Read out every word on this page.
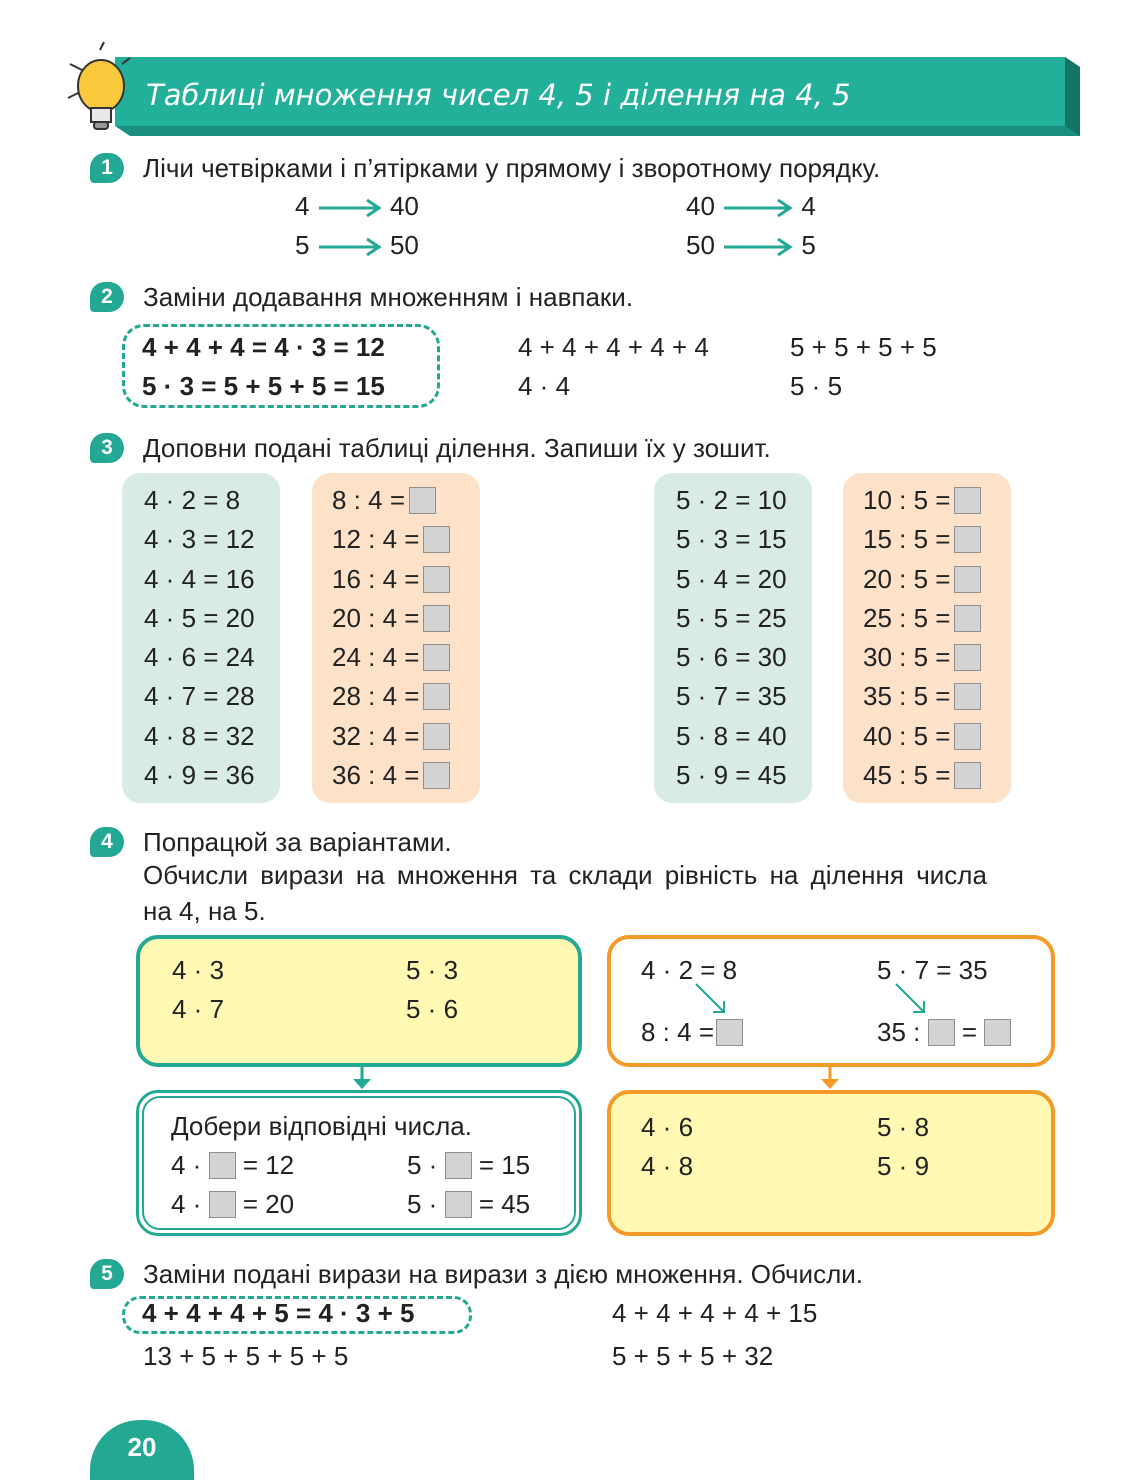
Таблиці множення чисел 4, 5 і ділення на 4, 5
1	Лічи четвірками і п’ятірками у прямому і зворотному порядку.
4	40
5	50
40	4
50	5
2	Заміни додавання множенням і навпаки.
4 + 4 + 4 = 4 · 3 = 12
5 · 3 = 5 + 5 + 5 = 15
4 + 4 + 4 + 4 + 4
4 · 4
5 + 5 + 5 + 5
5 · 5
3	Доповни подані таблиці ділення. Запиши їх у зошит.
4 · 2 = 8
4 · 3 = 12
4 · 4 = 16
4 · 5 = 20
4 · 6 = 24
4 · 7 = 28
4 · 8 = 32
4 · 9 = 36
8 : 4 =
12 : 4 =
16 : 4 =
20 : 4 =
24 : 4 =
28 : 4 =
32 : 4 =
36 : 4 =
5 · 2 = 10
5 · 3 = 15
5 · 4 = 20
5 · 5 = 25
5 · 6 = 30
5 · 7 = 35
5 · 8 = 40
5 · 9 = 45
10 : 5 =
15 : 5 =
20 : 5 =
25 : 5 =
30 : 5 =
35 : 5 =
40 : 5 =
45 : 5 =
4	Попрацюй за варіантами.
Обчисли вирази на множення та склади рівність на ділення числа
на 4, на 5.
4 · 3	5 · 3
4 · 7	5 · 6
Добери відповідні числа.
4 · = 12	5 · = 15
4 · = 20	5 · = 45
4 · 2 = 8	5 · 7 = 35
8 : 4 =	35 : =
4 · 6	5 · 8
4 · 8	5 · 9
5	Заміни подані вирази на вирази з дією множення. Обчисли.
4 + 4 + 4 + 5 = 4 · 3 + 5	4 + 4 + 4 + 4 + 15
13 + 5 + 5 + 5 + 5	5 + 5 + 5 + 32
20
